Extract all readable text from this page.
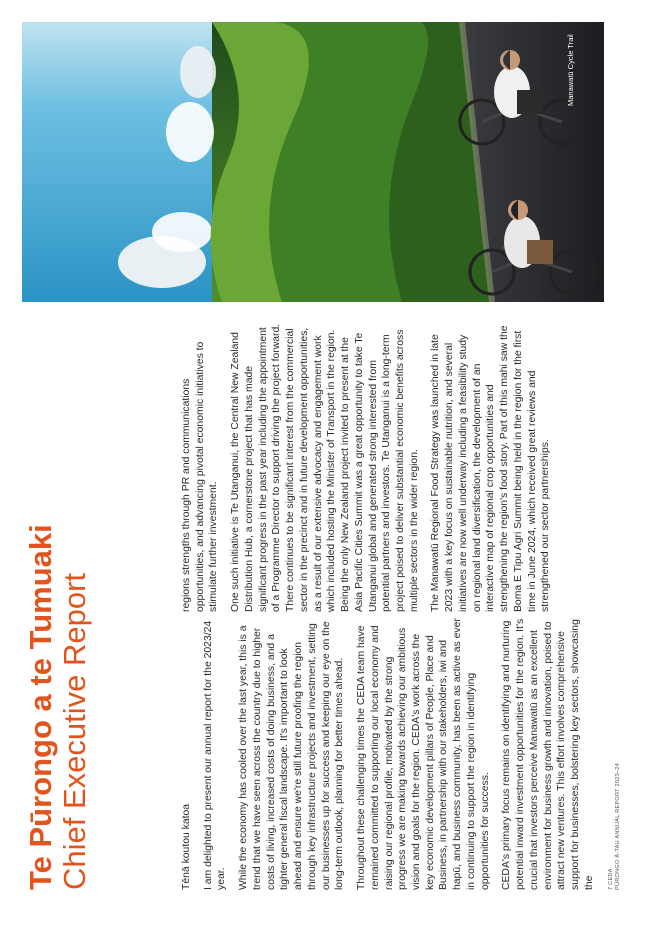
Te Pūrongo a te Tumuaki Chief Executive Report	Tēnā koutou katoa I am delighted to present our annual report for the 2023/24 year. While the economy has cooled over the last year, this is a trend that we have seen across the country due to higher costs of living, increased costs of doing business, and a tighter general fiscal landscape. It's important to look ahead and ensure we're still future proofing the region through key infrastructure projects and investment, setting our businesses up for success and keeping our eye on the long-term outlook, planning for better times ahead. Throughout these challenging times the CEDA team have remained committed to supporting our local economy and raising our regional profile, motivated by the strong progress we are making towards achieving our ambitious vision and goals for the region. CEDA's work across the key economic development pillars of People, Place and Business, in partnership with our stakeholders, iwi and hapū, and business community, has been as active as ever in continuing to support the region in identifying opportunities for success. CEDA's primary focus remains on identifying and nurturing potential inward investment opportunities for the region. It's crucial that investors perceive Manawatū as an excellent environment for business growth and innovation, poised to attract new ventures. This effort involves comprehensive support for businesses, bolstering key sectors, showcasing the

regions strengths through PR and communications opportunities, and advancing pivotal economic initiatives to stimulate further investment. One such initiative is Te Utanganui, the Central New Zealand Distribution Hub, a cornerstone project that has made significant progress in the past year including the appointment of a Programme Director to support driving the project forward. There continues to be significant interest from the commercial sector in the precinct and in future development opportunities, as a result of our extensive advocacy and engagement work which included hosting the Minister of Transport in the region. Being the only New Zealand project invited to present at the Asia Pacific Cities Summit was a great opportunity to take Te Utanganui global and generated strong interested from potential partners and investors. Te Utanganui is a long-term project poised to deliver substantial economic benefits across multiple sectors in the wider region. The Manawatū Regional Food Strategy was launched in late 2023 with a key focus on sustainable nutrition, and several initiatives are now well underway including a feasibility study on regional land diversification, the development of an interactive map of regional crop opportunities and strengthening the region's food story. Part of this mahi saw the Boma E Tipu Agri Summit being held in the region for the first time in June 2024, which received great reviews and strengthened our sector partnerships.

Manawatū Cycle Trail
7 CEDA PŪRONGO Ā-TAU ANNUAL REPORT 2023–24
